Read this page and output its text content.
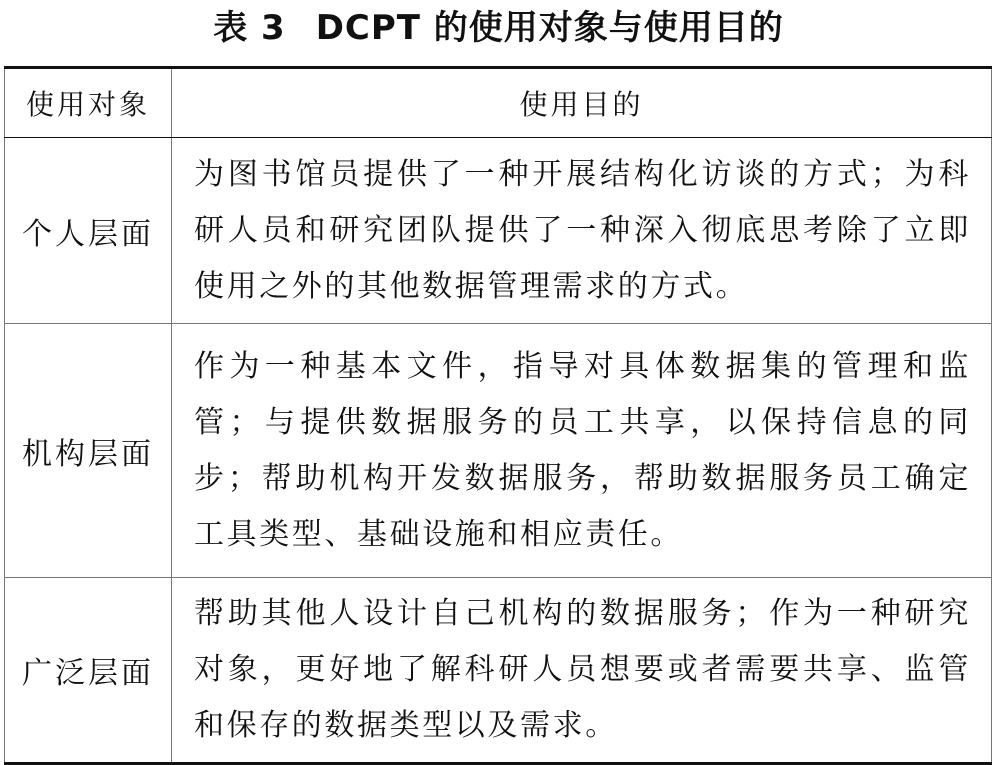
表 3 DCPT 的使用对象与使用目的
使用对象	使用目的
个人层面	为图书馆员提供了一种开展结构化访谈的方式；为科研人员和研究团队提供了一种深入彻底思考除了立即使用之外的其他数据管理需求的方式。
机构层面	作为一种基本文件，指导对具体数据集的管理和监管；与提供数据服务的员工共享，以保持信息的同步；帮助机构开发数据服务，帮助数据服务员工确定工具类型、基础设施和相应责任。
广泛层面	帮助其他人设计自己机构的数据服务；作为一种研究对象，更好地了解科研人员想要或者需要共享、监管和保存的数据类型以及需求。
